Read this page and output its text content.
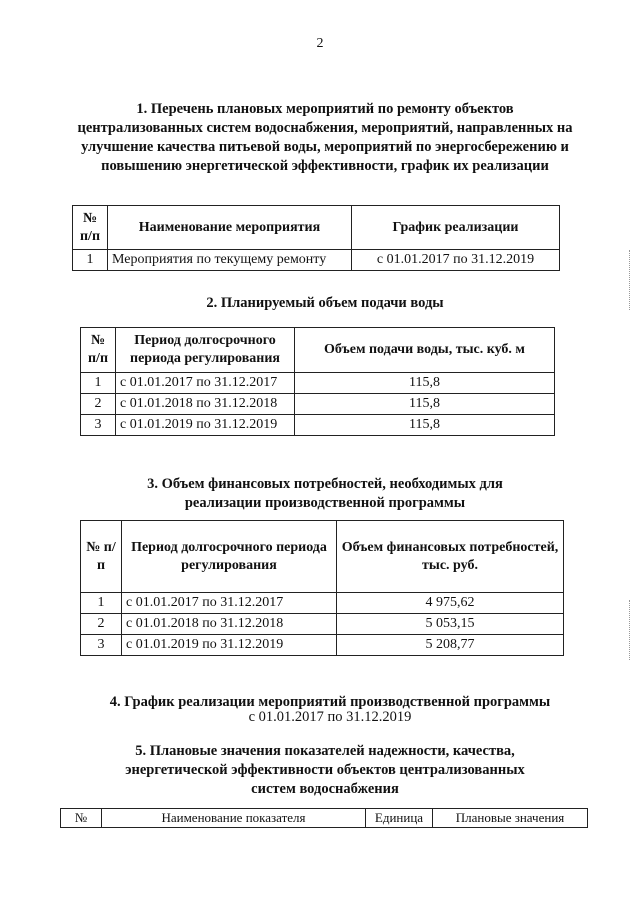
2
1. Перечень плановых мероприятий по ремонту объектов
централизованных систем водоснабжения, мероприятий, направленных на
улучшение качества питьевой воды, мероприятий по энергосбережению и
повышению энергетической эффективности, график их реализации
№ п/п	Наименование мероприятия	График реализации
1	Мероприятия по текущему ремонту	с 01.01.2017 по 31.12.2019
2. Планируемый объем подачи воды
№ п/п	Период долгосрочного периода регулирования	Объем подачи воды, тыс. куб. м
1	с 01.01.2017 по 31.12.2017	115,8
2	с 01.01.2018 по 31.12.2018	115,8
3	с 01.01.2019 по 31.12.2019	115,8
3. Объем финансовых потребностей, необходимых для
реализации производственной программы
№ п/п	Период долгосрочного периода регулирования	Объем финансовых потребностей, тыс. руб.
1	с 01.01.2017 по 31.12.2017	4 975,62
2	с 01.01.2018 по 31.12.2018	5 053,15
3	с 01.01.2019 по 31.12.2019	5 208,77
4. График реализации мероприятий производственной программы
с 01.01.2017 по 31.12.2019
5. Плановые значения показателей надежности, качества,
энергетической эффективности объектов централизованных
систем водоснабжения
№	Наименование показателя	Единица	Плановые значения
